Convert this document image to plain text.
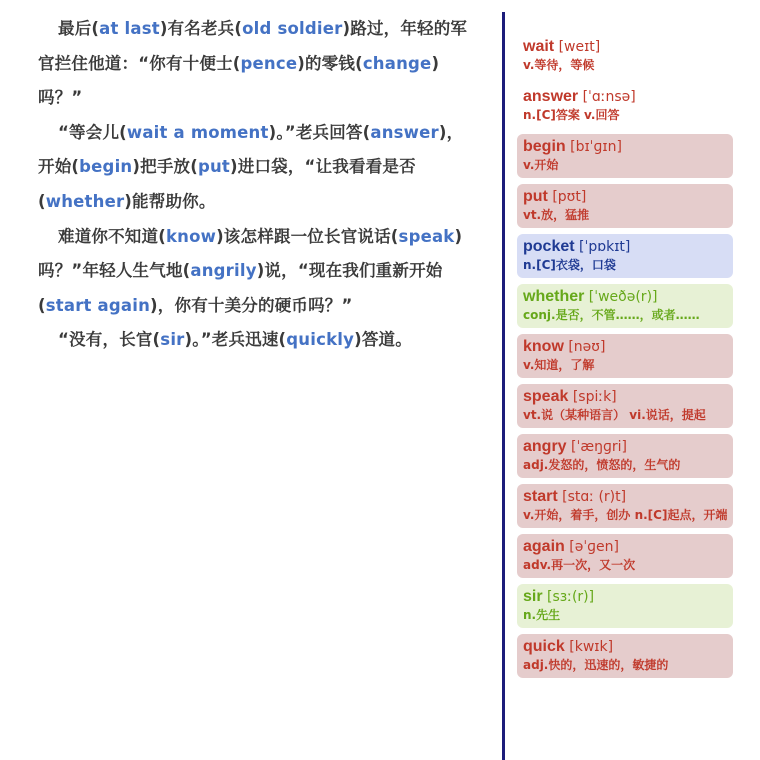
最后(at last)有名老兵(old soldier)路过，年轻的军官拦住他道：“你有十便士(pence)的零钱(change)吗？”

“等会儿(wait a moment)。”老兵回答(answer)，开始(begin)把手放(put)进口袋，“让我看看是否(whether)能帮助你。

难道你不知道(know)该怎样跟一位长官说话(speak)吗？”年轻人生气地(angrily)说，“现在我们重新开始(start again)，你有十美分的硬币吗？”

“没有，长官(sir)。”老兵迅速(quickly)答道。

wait [weɪt]
v.等待，等候
answer [ˈɑːnsə]
n.[C]答案 v.回答
begin [bɪˈɡɪn]
v.开始
put [pʊt]
vt.放，猛推
pocket [ˈpɒkɪt]
n.[C]衣袋，口袋
whether [ˈweðə(r)]
conj.是否，不管……，或者……
know [nəʊ]
v.知道，了解
speak [spiːk]
vt.说（某种语言） vi.说话，提起
angry [ˈæŋɡri]
adj.发怒的，愤怒的，生气的
start [stɑː (r)t]
v.开始，着手，创办 n.[C]起点，开端
again [əˈɡen]
adv.再一次，又一次
sir [sɜː(r)]
n.先生
quick [kwɪk]
adj.快的，迅速的，敏捷的
